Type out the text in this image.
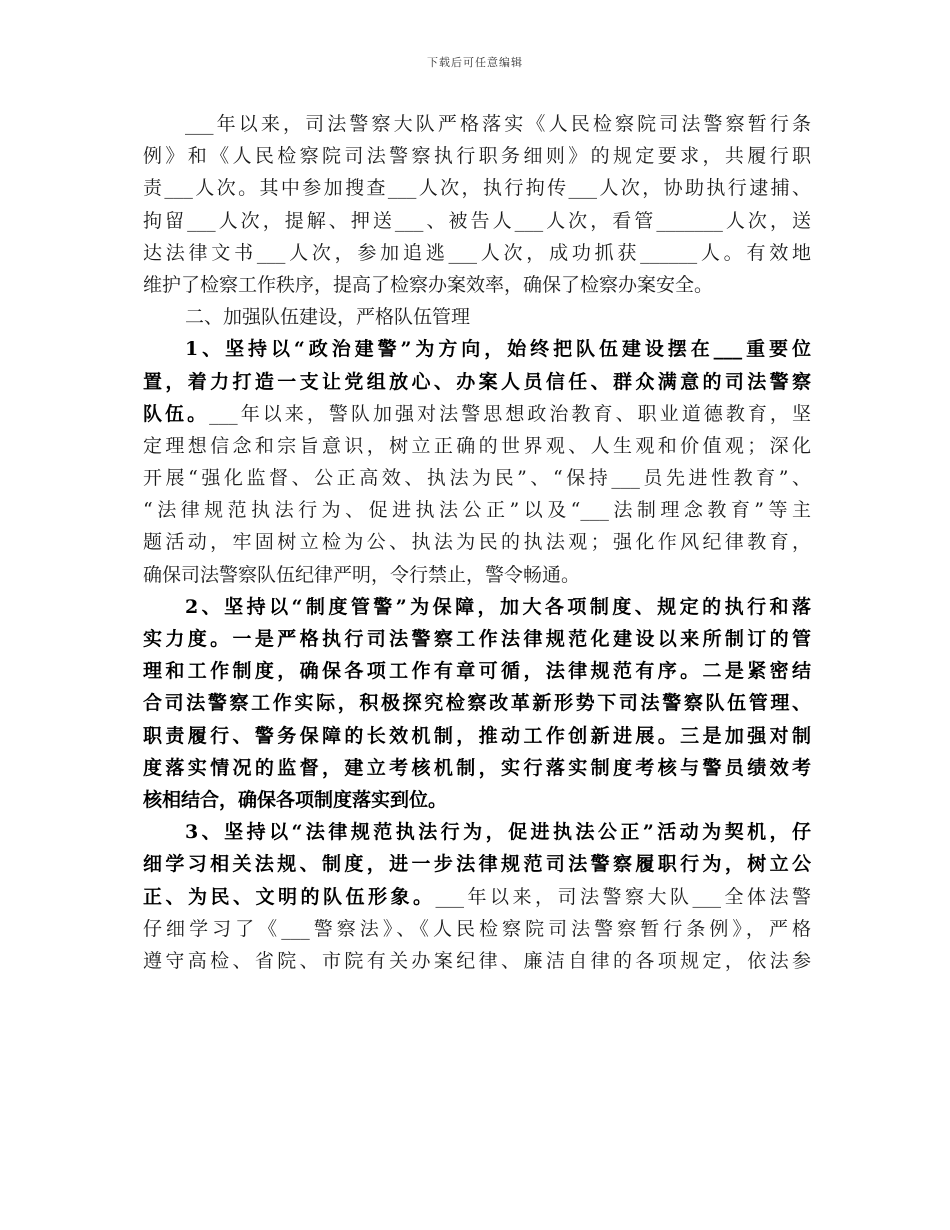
下载后可任意编辑
___年以来，司法警察大队严格落实《人民检察院司法警察暂行条
例》和《人民检察院司法警察执行职务细则》的规定要求，共履行职
责___人次。其中参加搜查___人次，执行拘传___人次，协助执行逮捕、
拘留___人次，提解、押送___、被告人___人次，看管_______人次，送
达法律文书___人次，参加追逃___人次，成功抓获______人。有效地
维护了检察工作秩序，提高了检察办案效率，确保了检察办案安全。
二、加强队伍建设，严格队伍管理
1、坚持以“政治建警”为方向，始终把队伍建设摆在___重要位
置，着力打造一支让党组放心、办案人员信任、群众满意的司法警察
队伍。___年以来，警队加强对法警思想政治教育、职业道德教育，坚
定理想信念和宗旨意识，树立正确的世界观、人生观和价值观；深化
开展“强化监督、公正高效、执法为民”、“保持___员先进性教育”、
“法律规范执法行为、促进执法公正”以及“___法制理念教育”等主
题活动，牢固树立检为公、执法为民的执法观；强化作风纪律教育，
确保司法警察队伍纪律严明，令行禁止，警令畅通。
2、坚持以“制度管警”为保障，加大各项制度、规定的执行和落
实力度。一是严格执行司法警察工作法律规范化建设以来所制订的管
理和工作制度，确保各项工作有章可循，法律规范有序。二是紧密结
合司法警察工作实际，积极探究检察改革新形势下司法警察队伍管理、
职责履行、警务保障的长效机制，推动工作创新进展。三是加强对制
度落实情况的监督，建立考核机制，实行落实制度考核与警员绩效考
核相结合，确保各项制度落实到位。
3、坚持以“法律规范执法行为，促进执法公正”活动为契机，仔
细学习相关法规、制度，进一步法律规范司法警察履职行为，树立公
正、为民、文明的队伍形象。___年以来，司法警察大队___全体法警
仔细学习了《___警察法》、《人民检察院司法警察暂行条例》，严格
遵守高检、省院、市院有关办案纪律、廉洁自律的各项规定，依法参
